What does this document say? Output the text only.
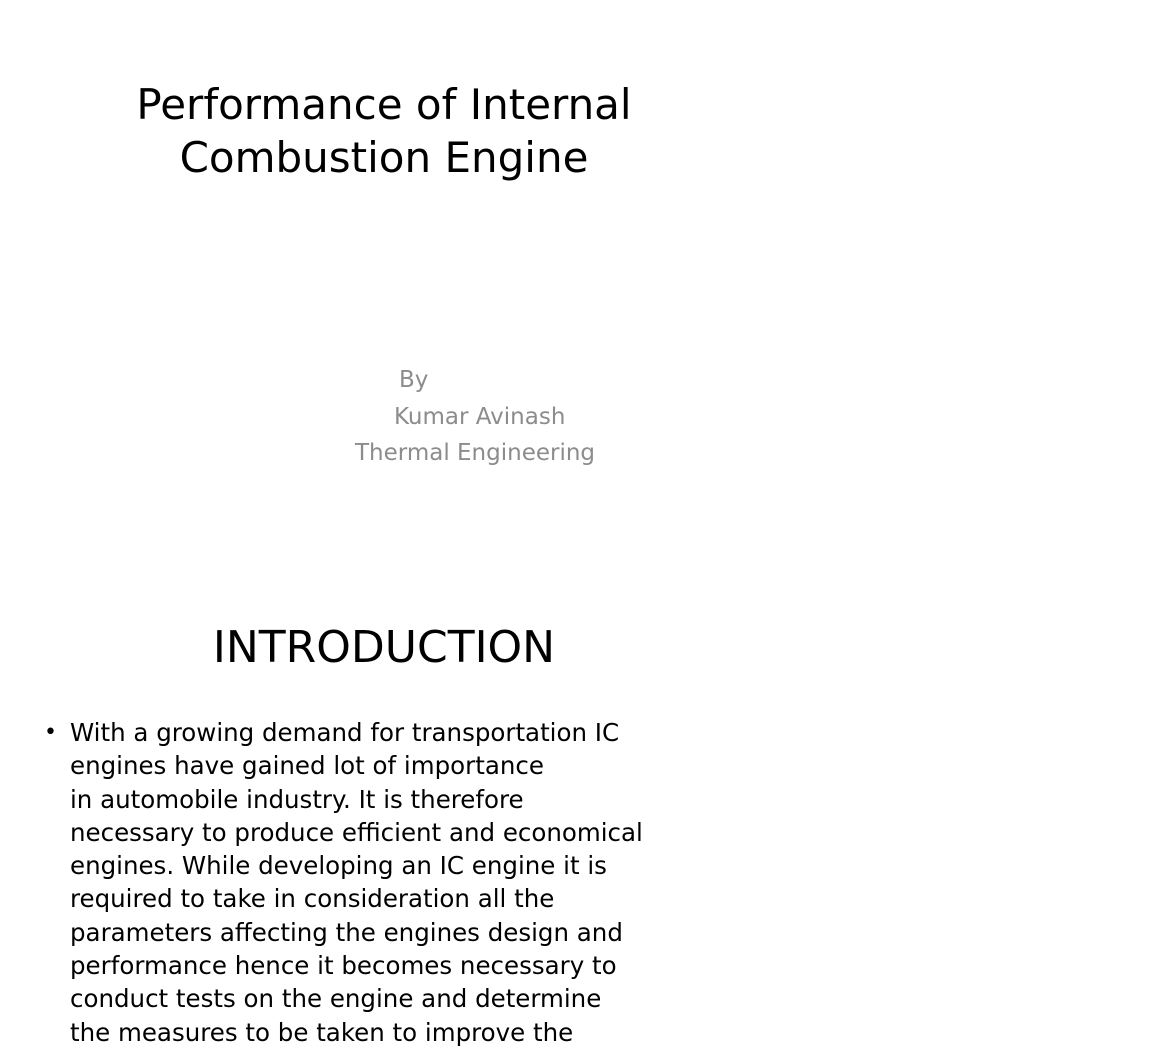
Performance of Internal
Combustion Engine
By
Kumar Avinash
Thermal Engineering
INTRODUCTION
• With a growing demand for transportation IC
engines have gained lot of importance
in automobile industry. It is therefore
necessary to produce efficient and economical
engines. While developing an IC engine it is
required to take in consideration all the
parameters affecting the engines design and
performance hence it becomes necessary to
conduct tests on the engine and determine
the measures to be taken to improve the
